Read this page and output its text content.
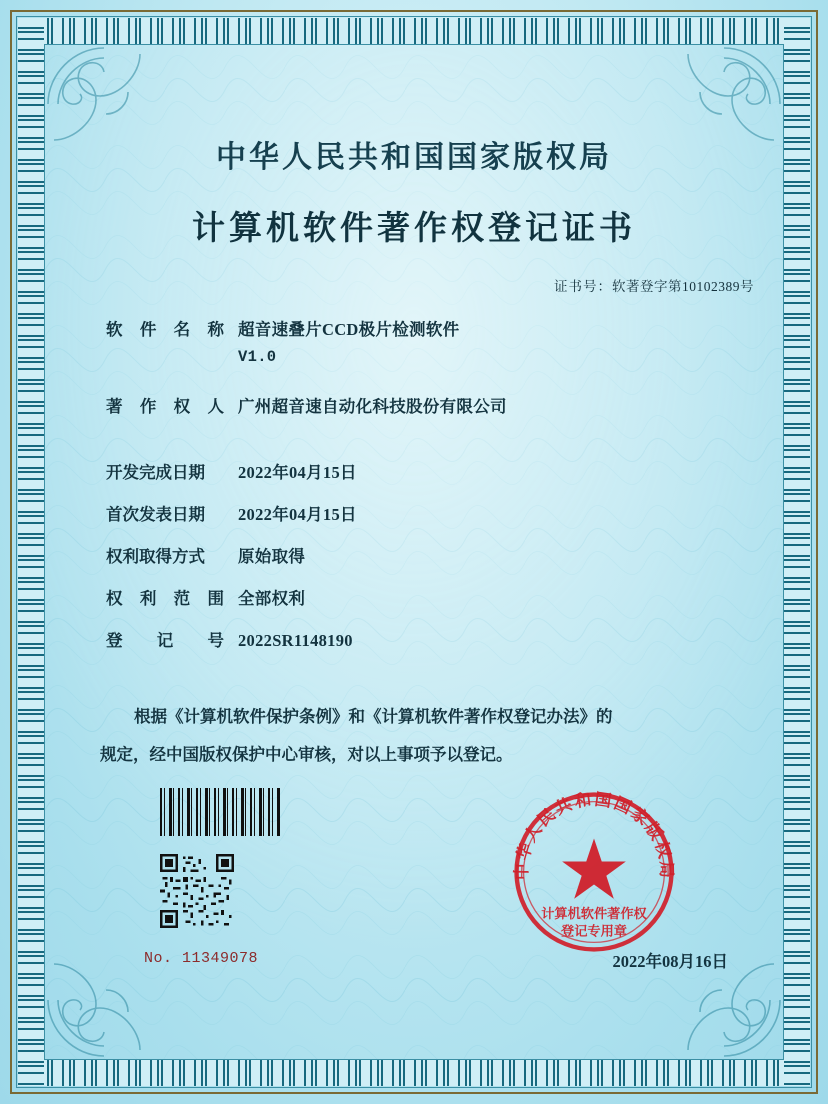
中华人民共和国国家版权局
计算机软件著作权登记证书
证书号：软著登字第10102389号
软件名称 超音速叠片CCD极片检测软件
V1.0
著作权人 广州超音速自动化科技股份有限公司
开发完成日期	2022年04月15日
首次发表日期	2022年04月15日
权利取得方式	原始取得
权利范围 全部权利
登记号 2022SR1148190
根据《计算机软件保护条例》和《计算机软件著作权登记办法》的
规定，经中国版权保护中心审核，对以上事项予以登记。
No. 11349078	2022年08月16日
中华人民共和国国家版权局
计算机软件著作权
登记专用章
